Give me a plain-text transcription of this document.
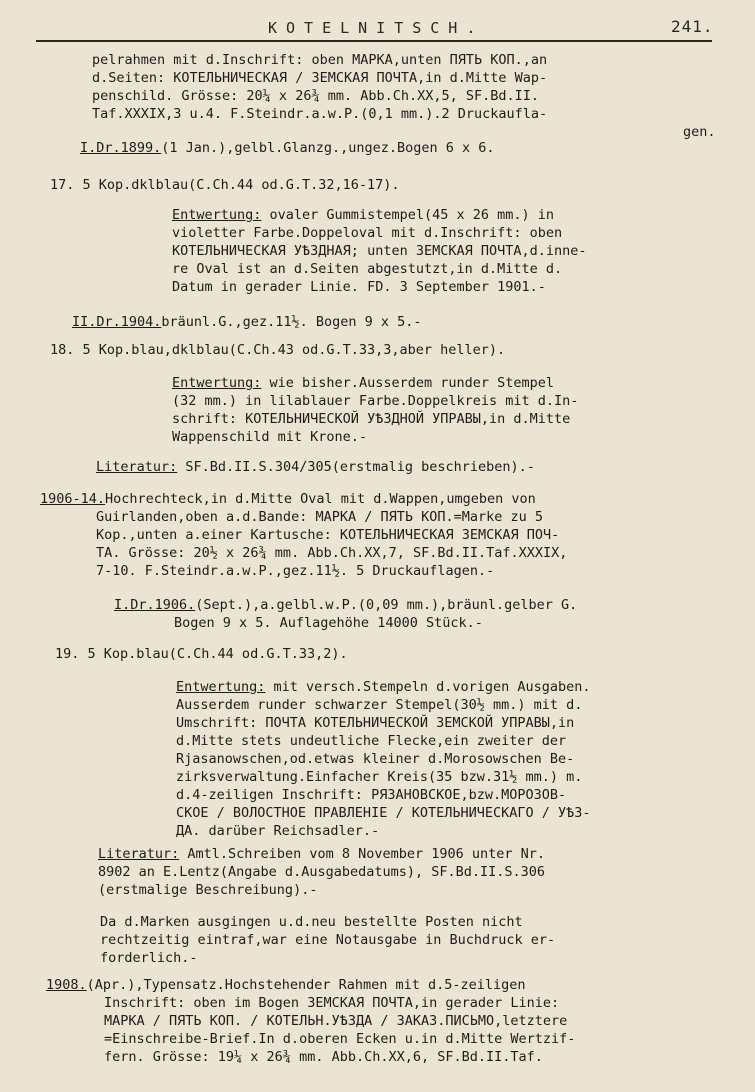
KOTELNITSCH.	241.
pelrahmen mit d.Inschrift: oben МАРКА,unten ПЯТЬ КОП.,an
d.Seiten: КОТЕЛЬНИЧЕСКАЯ / ЗЕМСКАЯ ПОЧТА,in d.Mitte Wap-
penschild. Grösse: 20¼ x 26¾ mm. Abb.Ch.XX,5, SF.Bd.II.
Taf.XXXIX,3 u.4. F.Steindr.a.w.P.(0,1 mm.).2 Druckaufla-
gen.
I.Dr.1899.(1 Jan.),gelbl.Glanzg.,ungez.Bogen 6 x 6.
17. 5 Kop.dklblau(C.Ch.44 od.G.T.32,16-17).
Entwertung: ovaler Gummistempel(45 x 26 mm.) in
violetter Farbe.Doppeloval mit d.Inschrift: oben
КОТЕЛЬНИЧЕСКАЯ УѢЗДНАЯ; unten ЗЕМСКАЯ ПОЧТА,d.inne-
re Oval ist an d.Seiten abgestutzt,in d.Mitte d.
Datum in gerader Linie. FD. 3 September 1901.-
II.Dr.1904.bräunl.G.,gez.11½. Bogen 9 x 5.-
18. 5 Kop.blau,dklblau(C.Ch.43 od.G.T.33,3,aber heller).
Entwertung: wie bisher.Ausserdem runder Stempel
(32 mm.) in lilablauer Farbe.Doppelkreis mit d.In-
schrift: КОТЕЛЬНИЧЕСКОЙ УѢЗДНОЙ УПРАВЫ,in d.Mitte
Wappenschild mit Krone.-
Literatur: SF.Bd.II.S.304/305(erstmalig beschrieben).-
1906-14.Hochrechteck,in d.Mitte Oval mit d.Wappen,umgeben von
Guirlanden,oben a.d.Bande: МАРКА / ПЯТЬ КОП.=Marke zu 5
Kop.,unten a.einer Kartusche: КОТЕЛЬНИЧЕСКАЯ ЗЕМСКАЯ ПОЧ-
ТА. Grösse: 20½ x 26¾ mm. Abb.Ch.XX,7, SF.Bd.II.Taf.XXXIX,
7-10. F.Steindr.a.w.P.,gez.11½. 5 Druckauflagen.-
I.Dr.1906.(Sept.),a.gelbl.w.P.(0,09 mm.),bräunl.gelber G.
Bogen 9 x 5. Auflagehöhe 14000 Stück.-
19. 5 Kop.blau(C.Ch.44 od.G.T.33,2).
Entwertung: mit versch.Stempeln d.vorigen Ausgaben.
Ausserdem runder schwarzer Stempel(30½ mm.) mit d.
Umschrift: ПОЧТА КОТЕЛЬНИЧЕСКОЙ ЗЕМСКОЙ УПРАВЫ,in
d.Mitte stets undeutliche Flecke,ein zweiter der
Rjasanowschen,od.etwas kleiner d.Morosowschen Be-
zirksverwaltung.Einfacher Kreis(35 bzw.31½ mm.) m.
d.4-zeiligen Inschrift: РЯЗАНОВСКОЕ,bzw.МОРОЗОВ-
СКОЕ / ВОЛОСТНОЕ ПРАВЛЕНІЕ / КОТЕЛЬНИЧЕСКАГО / УѢЗ-
ДА. darüber Reichsadler.-
Literatur: Amtl.Schreiben vom 8 November 1906 unter Nr.
8902 an E.Lentz(Angabe d.Ausgabedatums), SF.Bd.II.S.306
(erstmalige Beschreibung).-
Da d.Marken ausgingen u.d.neu bestellte Posten nicht
rechtzeitig eintraf,war eine Notausgabe in Buchdruck er-
forderlich.-
1908.(Apr.),Typensatz.Hochstehender Rahmen mit d.5-zeiligen
Inschrift: oben im Bogen ЗЕМСКАЯ ПОЧТА,in gerader Linie:
МАРКА / ПЯТЬ КОП. / КОТЕЛЬН.УѢЗДА / ЗАКАЗ.ПИСЬМО,letztere
=Einschreibe-Brief.In d.oberen Ecken u.in d.Mitte Wertzif-
fern. Grösse: 19¼ x 26¾ mm. Abb.Ch.XX,6, SF.Bd.II.Taf.
